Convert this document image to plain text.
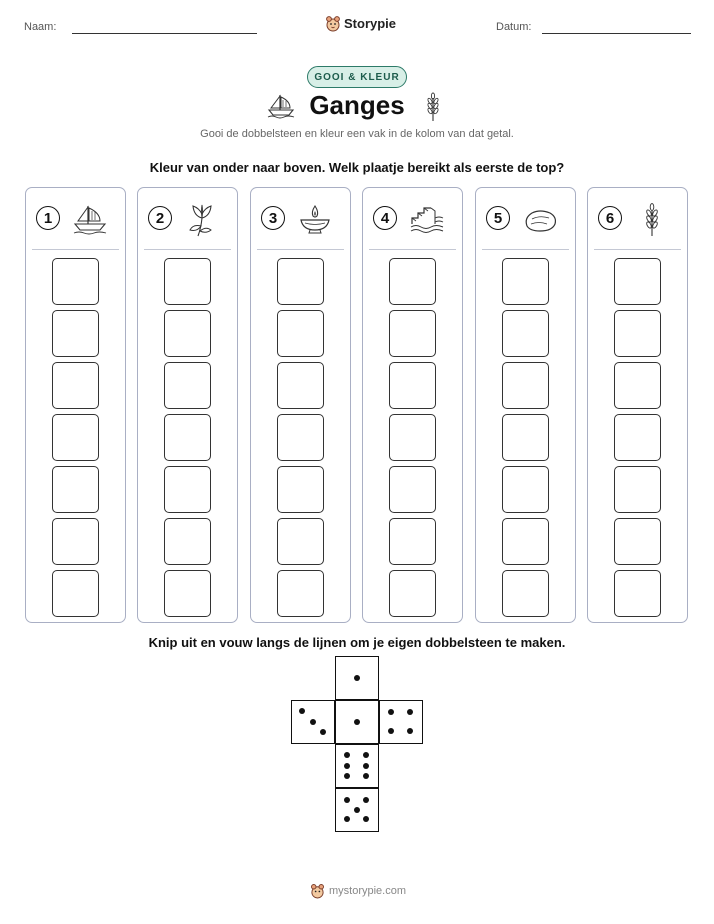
Naam:	Storypie	Datum:
GOOI & KLEUR
Ganges
Gooi de dobbelsteen en kleur een vak in de kolom van dat getal.
Kleur van onder naar boven. Welk plaatje bereikt als eerste de top?
1	2	3	4	5	6
Knip uit en vouw langs de lijnen om je eigen dobbelsteen te maken.
mystorypie.com
